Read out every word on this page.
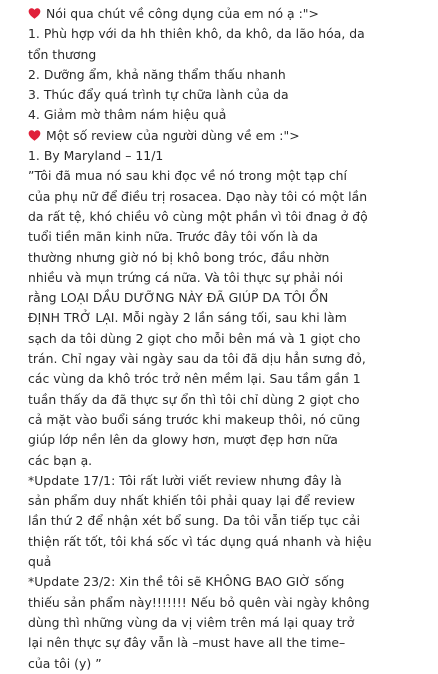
Nói qua chút về công dụng của em nó ạ :">
1. Phù hợp với da hh thiên khô, da khô, da lão hóa, da
tổn thương
2. Dưỡng ẩm, khả năng thẩm thấu nhanh
3. Thúc đẩy quá trình tự chữa lành của da
4. Giảm mờ thâm nám hiệu quả
Một số review của người dùng về em :">
1. By Maryland – 11/1
”Tôi đã mua nó sau khi đọc về nó trong một tạp chí
của phụ nữ để điều trị rosacea. Dạo này tôi có một lần
da rất tệ, khó chiều vô cùng một phần vì tôi đnag ở độ
tuổi tiền mãn kinh nữa. Trước đây tôi vốn là da
thường nhưng giờ nó bị khô bong tróc, đầu nhờn
nhiều và mụn trứng cá nữa. Và tôi thực sự phải nói
rằng LOẠI DẦU DƯỠNG NÀY ĐÃ GIÚP DA TÔI ỔN
ĐỊNH TRỞ LẠI. Mỗi ngày 2 lần sáng tối, sau khi làm
sạch da tôi dùng 2 giọt cho mỗi bên má và 1 giọt cho
trán. Chỉ ngay vài ngày sau da tôi đã dịu hẳn sưng đỏ,
các vùng da khô tróc trở nên mềm lại. Sau tầm gần 1
tuần thấy da đã thực sự ổn thì tôi chỉ dùng 2 giọt cho
cả mặt vào buổi sáng trước khi makeup thôi, nó cũng
giúp lớp nền lên da glowy hơn, mượt đẹp hơn nữa
các bạn ạ.
*Update 17/1: Tôi rất lười viết review nhưng đây là
sản phẩm duy nhất khiến tôi phải quay lại để review
lần thứ 2 để nhận xét bổ sung. Da tôi vẫn tiếp tục cải
thiện rất tốt, tôi khá sốc vì tác dụng quá nhanh và hiệu
quả
*Update 23/2: Xin thề tôi sẽ KHÔNG BAO GIỜ sống
thiếu sản phẩm này!!!!!!! Nếu bỏ quên vài ngày không
dùng thì những vùng da vị viêm trên má lại quay trở
lại nên thực sự đây vẫn là –must have all the time–
của tôi (y) ”
